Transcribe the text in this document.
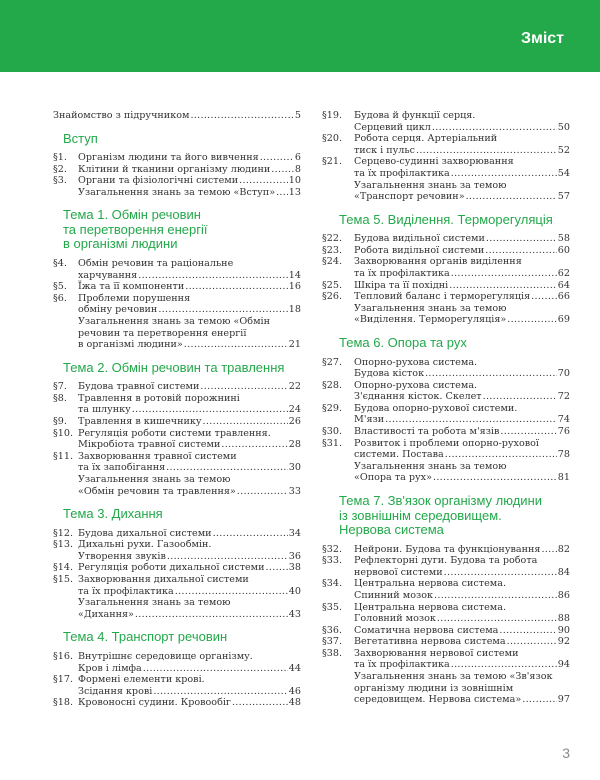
Зміст
Знайомство з підручником .....	5
Вступ
§1.	Організм людини та його вивчення .....	6
§2.	Клітини й тканини організму людини .....	8
§3.	Органи та фізіологічні системи .....	10
Узагальнення знань за темою «Вступ» ..... 13
Тема 1. Обмін речовин
та перетворення енергії
в організмі людини
§4.	Обмін речовин та раціональне
харчування .....	14
§5.	Їжа та її компоненти .....	16
§6.	Проблеми порушення
обміну речовин .....	18
Узагальнення знань за темою «Обмін
речовин та перетворення енергії
в організмі людини» .....	21
Тема 2. Обмін речовин та травлення
§7.	Будова травної системи .....	22
§8.	Травлення в ротовій порожнині
та шлунку .....	24
§9.	Травлення в кишечнику .....	26
§10. Регуляція роботи системи травлення.
Мікробіота травної системи .....	28
§11. Захворювання травної системи
та їх запобігання .....	30
Узагальнення знань за темою
«Обмін речовин та травлення» .....	33
Тема 3. Дихання
§12. Будова дихальної системи .....	34
§13. Дихальні рухи. Газообмін.
Утворення звуків .....	36
§14. Регуляція роботи дихальної системи .....	38
§15. Захворювання дихальної системи
та їх профілактика .....	40
Узагальнення знань за темою
«Дихання» .....	43
Тема 4. Транспорт речовин
§16. Внутрішнє середовище організму.
Кров і лімфа .....	44
§17. Формені елементи крові.
Зсідання крові .....	46
§18. Кровоносні судини. Кровообіг .....	48
§19.	Будова й функції серця.
Серцевий цикл .....	50
§20.	Робота серця. Артеріальний
тиск і пульс .....	52
§21.	Серцево-судинні захворювання
та їх профілактика .....	54
Узагальнення знань за темою
«Транспорт речовин» .....	57
Тема 5. Виділення. Терморегуляція
§22.	Будова видільної системи .....	58
§23.	Робота видільної системи .....	60
§24.	Захворювання органів виділення
та їх профілактика .....	62
§25.	Шкіра та її похідні .....	64
§26.	Тепловий баланс і терморегуляція .....	66
Узагальнення знань за темою
«Виділення. Терморегуляція» .....	69
Тема 6. Опора та рух
§27.	Опорно-рухова система.
Будова кісток .....	70
§28.	Опорно-рухова система.
З'єднання кісток. Скелет .....	72
§29.	Будова опорно-рухової системи.
М'язи .....	74
§30.	Властивості та робота м'язів .....	76
§31.	Розвиток і проблеми опорно-рухової
системи. Постава .....	78
Узагальнення знань за темою
«Опора та рух» .....	81
Тема 7. Зв'язок організму людини
із зовнішнім середовищем.
Нервова система
§32.	Нейрони. Будова та функціонування ..... 82
§33.	Рефлекторні дуги. Будова та робота
нервової системи .....	84
§34.	Центральна нервова система.
Спинний мозок .....	86
§35.	Центральна нервова система.
Головний мозок .....	88
§36.	Соматична нервова система .....	90
§37.	Вегетативна нервова система .....	92
§38.	Захворювання нервової системи
та їх профілактика .....	94
Узагальнення знань за темою «Зв'язок
організму людини із зовнішнім
середовищем. Нервова система» .....	97
3
